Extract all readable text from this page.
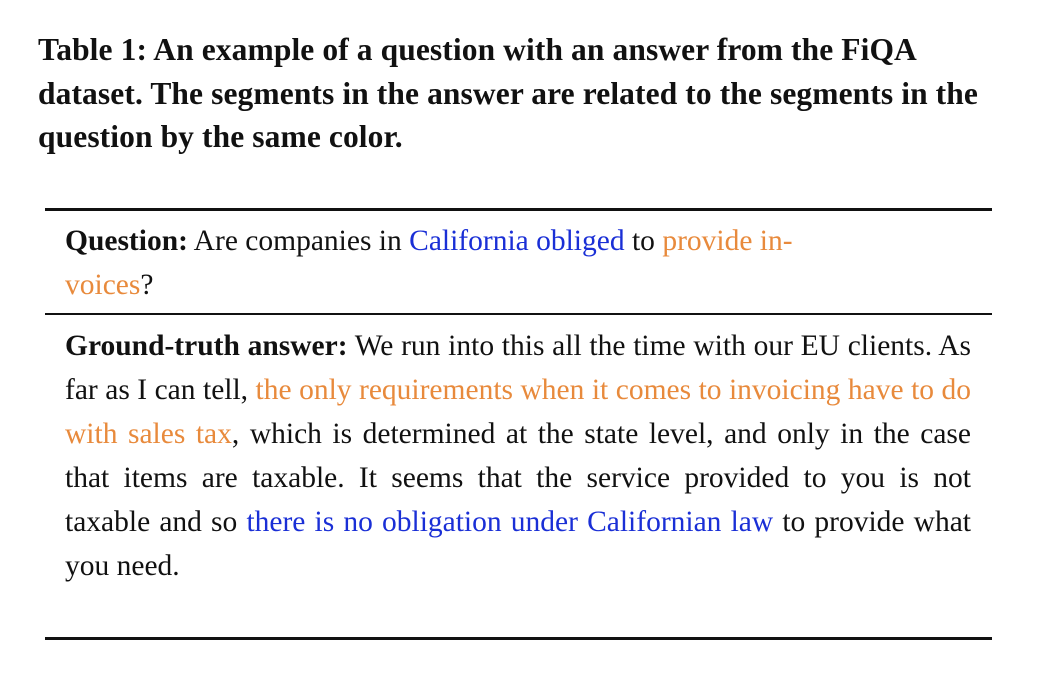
Table 1: An example of a question with an answer from the FiQA dataset. The segments in the answer are related to the segments in the question by the same color.
Question: Are companies in California obliged to provide in-
voices?
Ground-truth answer: We run into this all the time with our EU clients. As far as I can tell, the only requirements when it comes to invoicing have to do with sales tax, which is determined at the state level, and only in the case that items are taxable. It seems that the service provided to you is not taxable and so there is no obligation under Californian law to provide what you need.
